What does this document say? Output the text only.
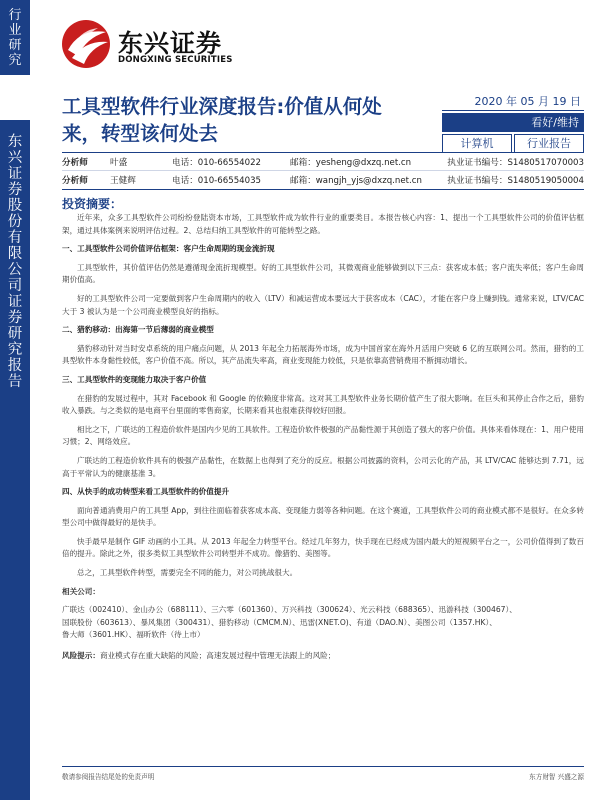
行业研究
东兴证券股份有限公司证券研究报告
东兴证券
DONGXING SECURITIES
工具型软件行业深度报告:价值从何处来，转型该何处去
2020 年 05 月 19 日
看好/维持
计算机	行业报告
分析师	叶盛	电话：010-66554022	邮箱：yesheng@dxzq.net.cn	执业证书编号：S1480517070003
分析师	王健辉	电话：010-66554035	邮箱：wangjh_yjs@dxzq.net.cn	执业证书编号：S1480519050004
投资摘要：

近年来，众多工具型软件公司纷纷登陆资本市场，工具型软件成为软件行业的重要类目。本报告核心内容：1、提出一个工具型软件公司的价值评估框架，通过具体案例来说明评估过程。2、总结归纳工具型软件的可能转型之路。

一、工具型软件公司价值评估框架：客户生命周期的现金流折现

工具型软件，其价值评估仍然是遵循现金流折现模型。好的工具型软件公司，其微观商业能够做到以下三点：获客成本低；客户流失率低；客户生命周期价值高。

好的工具型软件公司一定要做到客户生命周期内的收入（LTV）和减运营成本要远大于获客成本（CAC），才能在客户身上赚到钱。通常来说，LTV/CAC 大于 3 被认为是一个公司商业模型良好的指标。

二、猎豹移动：出海第一节后薄弱的商业模型

猎豹移动针对当时安卓系统的用户痛点问题，从 2013 年起全力拓展海外市场，成为中国首家在海外月活用户突破 6 亿的互联网公司。然而，猎豹的工具型软件本身黏性较低，客户价值不高。所以，其产品流失率高，商业变现能力较低，只是依靠高营销费用不断拥动增长。

三、工具型软件的变现能力取决于客户价值

在猎豹的发展过程中，其对 Facebook 和 Google 的依赖度非常高。这对其工具型软件业务长期价值产生了很大影响。在巨头和其停止合作之后，猎豹收入暴跌。与之类似的是电商平台里面的零售商家，长期来看其也很难获得较好回报。

相比之下，广联达的工程造价软件是国内少见的工具软件。工程造价软件极强的产品黏性源于其创造了强大的客户价值。具体来看体现在：1、用户使用习惯；2、网络效应。

广联达的工程造价软件具有的极强产品黏性，在数据上也得到了充分的反应。根据公司披露的资料，公司云化的产品，其 LTV/CAC 能够达到 7.71，远高于平常认为的健康基准 3。

四、从快手的成功转型来看工具型软件的价值提升

面向普通消费用户的工具型 App，到往往面临着获客成本高、变现能力弱等各种问题。在这个赛道，工具型软件公司的商业模式都不是很好。在众多转型公司中做得最好的是快手。

快手最早是制作 GIF 动画的小工具。从 2013 年起全力转型平台。经过几年努力，快手现在已经成为国内最大的短视频平台之一，公司价值得到了数百倍的提升。除此之外，很多类似工具型软件公司转型并不成功。像猎豹、美图等。

总之，工具型软件转型，需要完全不同的能力，对公司挑战很大。

相关公司：
广联达（002410）、金山办公（688111）、三六零（601360）、万兴科技（300624）、光云科技（688365）、迅游科技（300467）、
国联股份（603613）、暴风集团（300431）、猎豹移动（CMCM.N）、迅雷(XNET.O)、有道（DAO.N）、美图公司（1357.HK）、
鲁大师（3601.HK）、福昕软件（待上市）
风险提示：商业模式存在重大缺陷的风险；高速发展过程中管理无法跟上的风险；
敬请参阅报告结尾处的免责声明	东方财智 兴盛之源
